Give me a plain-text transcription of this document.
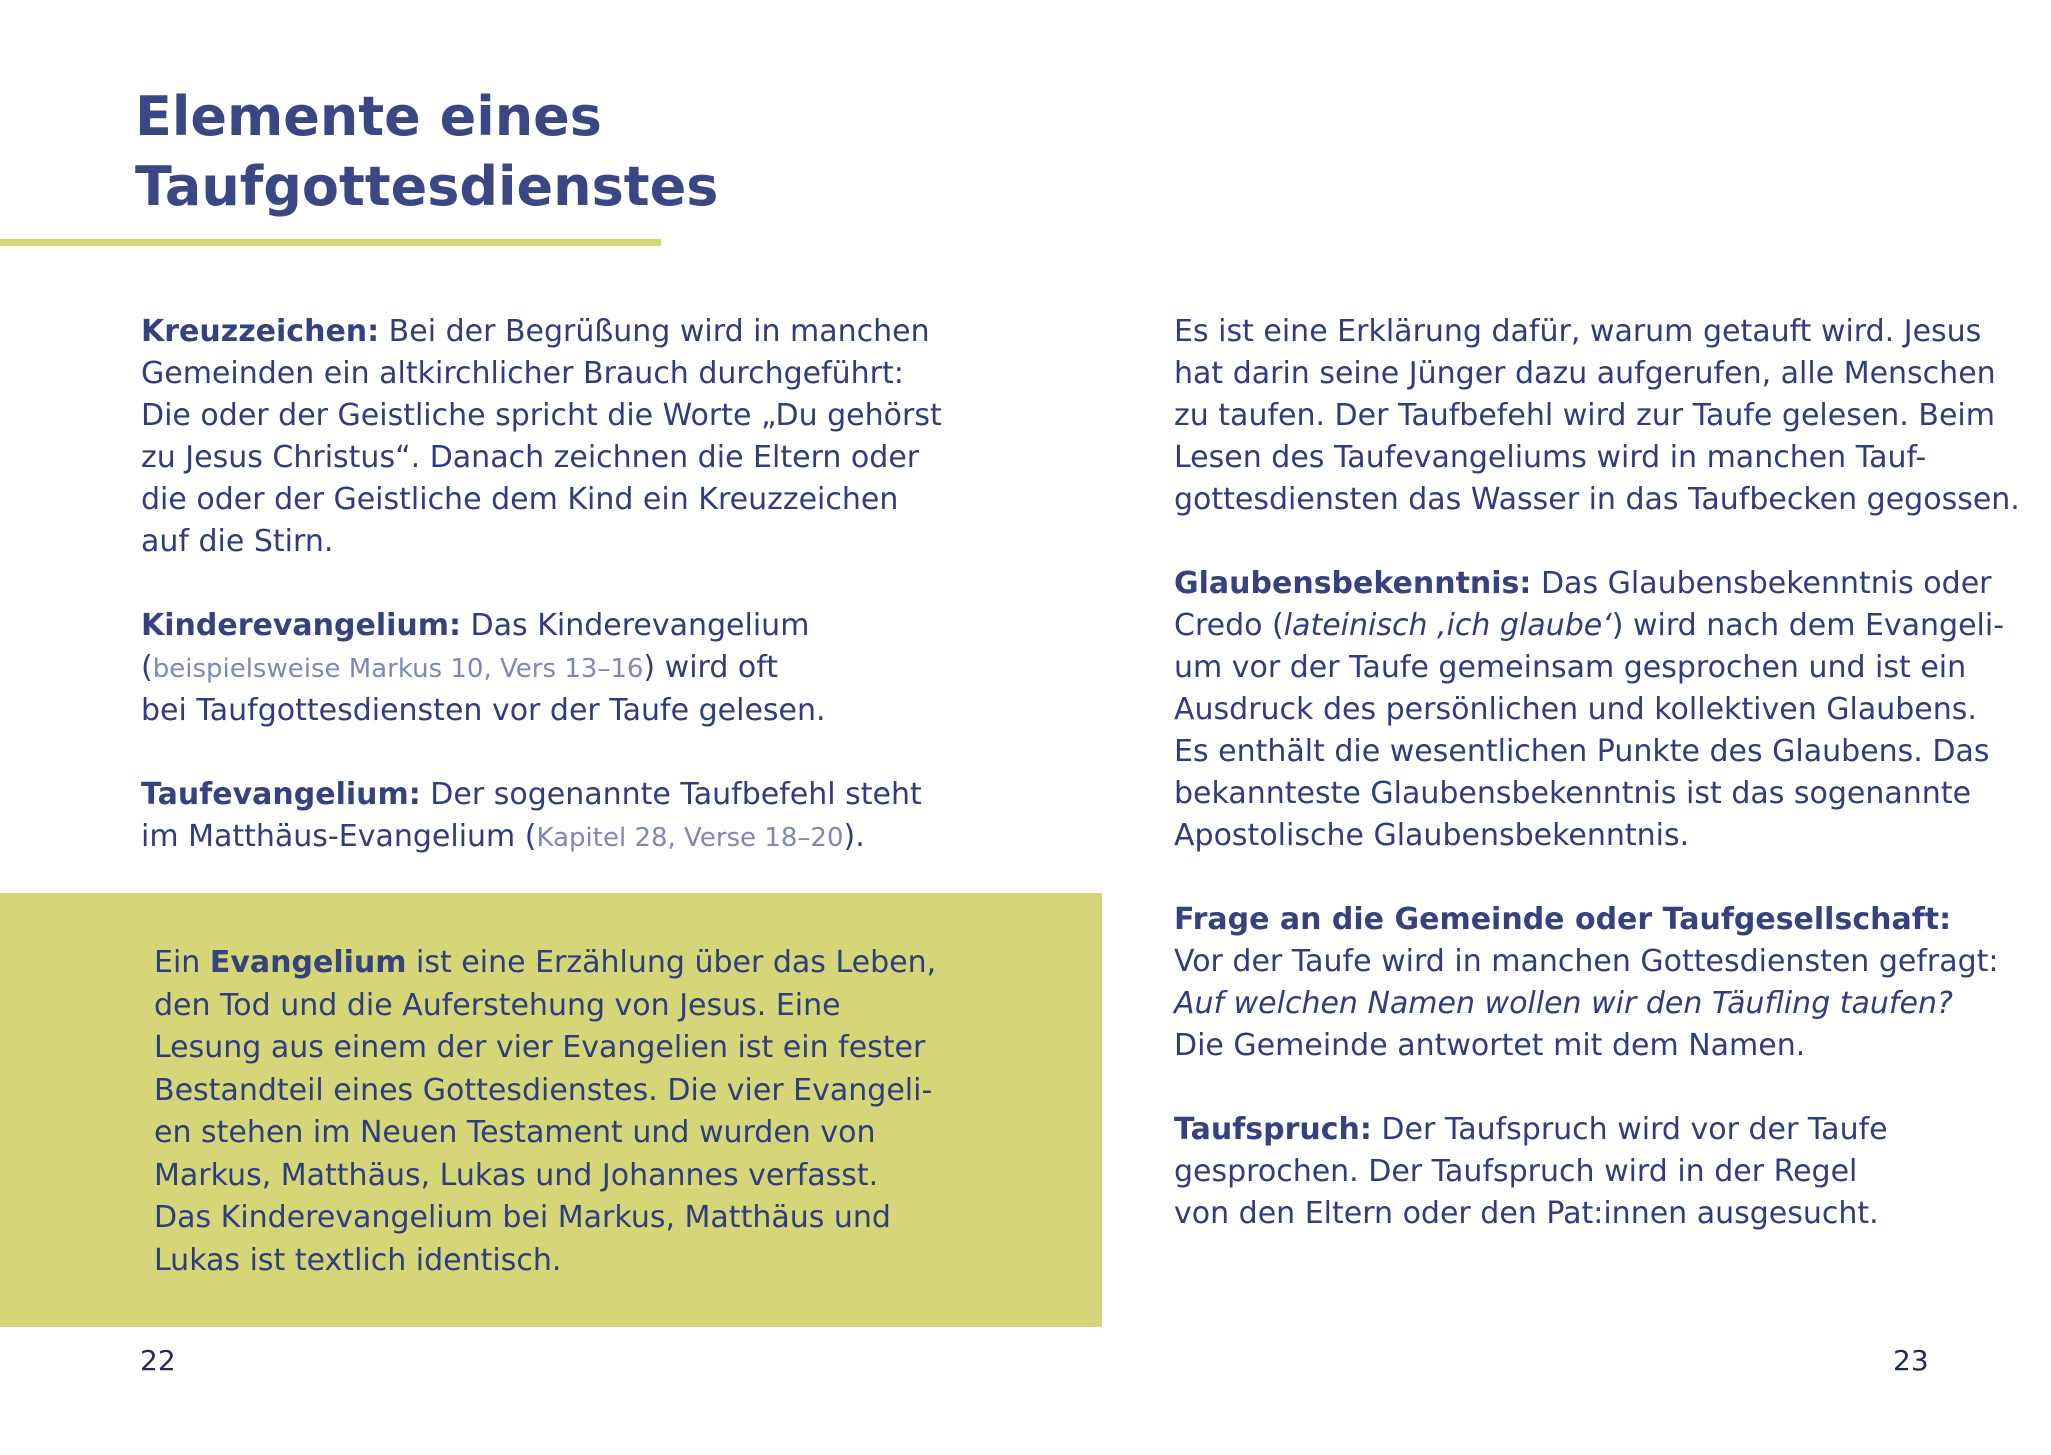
Elemente eines
Taufgottesdienstes

Kreuzzeichen: Bei der Begrüßung wird in manchen
Gemeinden ein altkirchlicher Brauch durchgeführt:
Die oder der Geistliche spricht die Worte „Du gehörst
zu Jesus Christus“. Danach zeichnen die Eltern oder
die oder der Geistliche dem Kind ein Kreuzzeichen
auf die Stirn.

Kinderevangelium: Das Kinderevangelium
(beispielsweise Markus 10, Vers 13–16) wird oft
bei Taufgottesdiensten vor der Taufe gelesen.

Taufevangelium: Der sogenannte Taufbefehl steht
im Matthäus-Evangelium (Kapitel 28, Verse 18–20).

Ein Evangelium ist eine Erzählung über das Leben,
den Tod und die Auferstehung von Jesus. Eine
Lesung aus einem der vier Evangelien ist ein fester
Bestandteil eines Gottesdienstes. Die vier Evangeli-
en stehen im Neuen Testament und wurden von
Markus, Matthäus, Lukas und Johannes verfasst.
Das Kinderevangelium bei Markus, Matthäus und
Lukas ist textlich identisch.

Es ist eine Erklärung dafür, warum getauft wird. Jesus
hat darin seine Jünger dazu aufgerufen, alle Menschen
zu taufen. Der Taufbefehl wird zur Taufe gelesen. Beim
Lesen des Taufevangeliums wird in manchen Tauf-
gottesdiensten das Wasser in das Taufbecken gegossen.

Glaubensbekenntnis: Das Glaubensbekenntnis oder
Credo (lateinisch ‚ich glaube‘) wird nach dem Evangeli-
um vor der Taufe gemeinsam gesprochen und ist ein
Ausdruck des persönlichen und kollektiven Glaubens.
Es enthält die wesentlichen Punkte des Glaubens. Das
bekannteste Glaubensbekenntnis ist das sogenannte
Apostolische Glaubensbekenntnis.

Frage an die Gemeinde oder Taufgesellschaft:
Vor der Taufe wird in manchen Gottesdiensten gefragt:
Auf welchen Namen wollen wir den Täufling taufen?
Die Gemeinde antwortet mit dem Namen.

Taufspruch: Der Taufspruch wird vor der Taufe
gesprochen. Der Taufspruch wird in der Regel
von den Eltern oder den Pat:innen ausgesucht.

22	23
